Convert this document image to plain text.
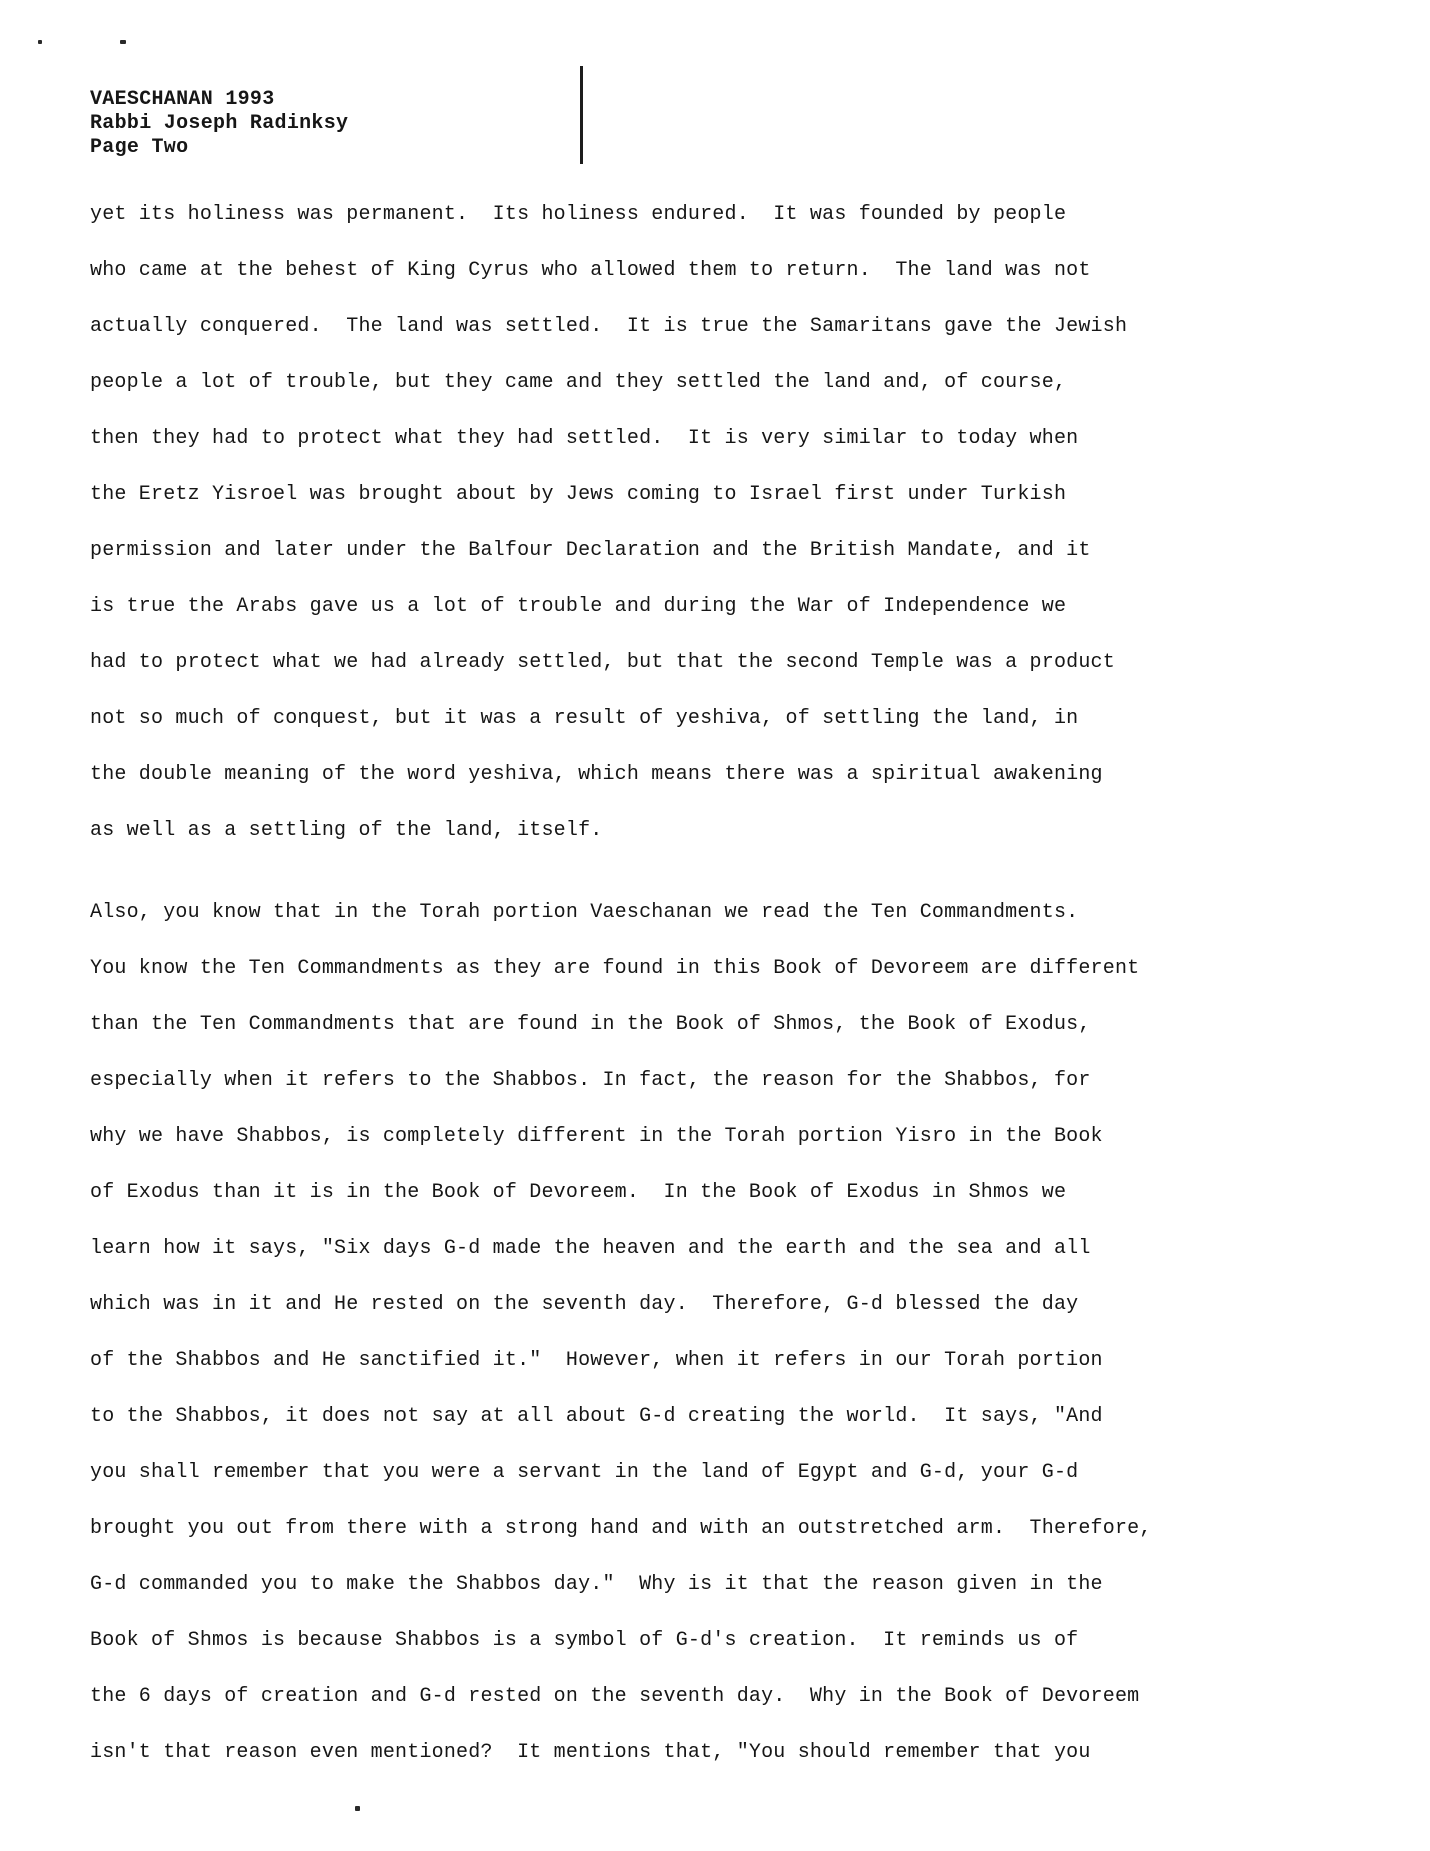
VAESCHANAN 1993
Rabbi Joseph Radinksy
Page Two
yet its holiness was permanent.  Its holiness endured.  It was founded by people
who came at the behest of King Cyrus who allowed them to return.  The land was not
actually conquered.  The land was settled.  It is true the Samaritans gave the Jewish
people a lot of trouble, but they came and they settled the land and, of course,
then they had to protect what they had settled.  It is very similar to today when
the Eretz Yisroel was brought about by Jews coming to Israel first under Turkish
permission and later under the Balfour Declaration and the British Mandate, and it
is true the Arabs gave us a lot of trouble and during the War of Independence we
had to protect what we had already settled, but that the second Temple was a product
not so much of conquest, but it was a result of yeshiva, of settling the land, in
the double meaning of the word yeshiva, which means there was a spiritual awakening
as well as a settling of the land, itself.
Also, you know that in the Torah portion Vaeschanan we read the Ten Commandments.
You know the Ten Commandments as they are found in this Book of Devoreem are different
than the Ten Commandments that are found in the Book of Shmos, the Book of Exodus,
especially when it refers to the Shabbos. In fact, the reason for the Shabbos, for
why we have Shabbos, is completely different in the Torah portion Yisro in the Book
of Exodus than it is in the Book of Devoreem.  In the Book of Exodus in Shmos we
learn how it says, "Six days G-d made the heaven and the earth and the sea and all
which was in it and He rested on the seventh day.  Therefore, G-d blessed the day
of the Shabbos and He sanctified it."  However, when it refers in our Torah portion
to the Shabbos, it does not say at all about G-d creating the world.  It says, "And
you shall remember that you were a servant in the land of Egypt and G-d, your G-d
brought you out from there with a strong hand and with an outstretched arm.  Therefore,
G-d commanded you to make the Shabbos day."  Why is it that the reason given in the
Book of Shmos is because Shabbos is a symbol of G-d's creation.  It reminds us of
the 6 days of creation and G-d rested on the seventh day.  Why in the Book of Devoreem
isn't that reason even mentioned?  It mentions that, "You should remember that you
